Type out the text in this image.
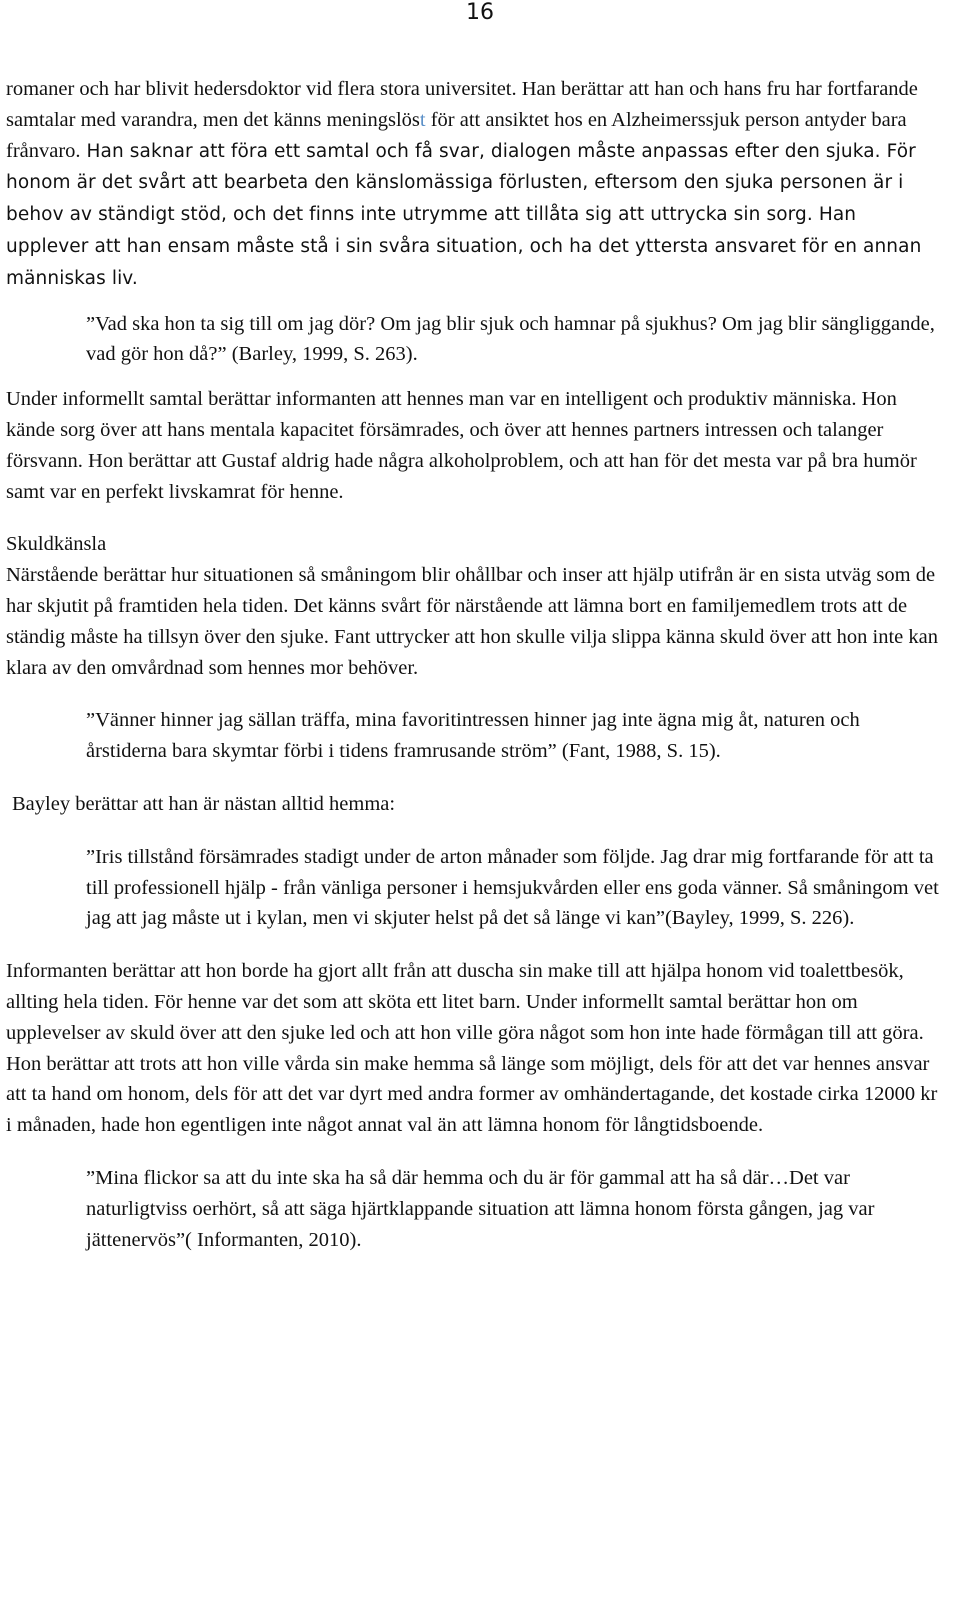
16

romaner och har blivit hedersdoktor vid flera stora universitet. Han berättar att han och hans fru har fortfarande samtalar med varandra, men det känns meningslöst för att ansiktet hos en Alzheimerssjuk person antyder bara frånvaro. Han saknar att föra ett samtal och få svar, dialogen måste anpassas efter den sjuka. För honom är det svårt att bearbeta den känslomässiga förlusten, eftersom den sjuka personen är i behov av ständigt stöd, och det finns inte utrymme att tillåta sig att uttrycka sin sorg. Han upplever att han ensam måste stå i sin svåra situation, och ha det yttersta ansvaret för en annan människas liv.

”Vad ska hon ta sig till om jag dör? Om jag blir sjuk och hamnar på sjukhus? Om jag blir sängliggande, vad gör hon då?” (Barley, 1999, S. 263).

Under informellt samtal berättar informanten att hennes man var en intelligent och produktiv människa. Hon kände sorg över att hans mentala kapacitet försämrades, och över att hennes partners intressen och talanger försvann. Hon berättar att Gustaf aldrig hade några alkoholproblem, och att han för det mesta var på bra humör samt var en perfekt livskamrat för henne.

Skuldkänsla

Närstående berättar hur situationen så småningom blir ohållbar och inser att hjälp utifrån är en sista utväg som de har skjutit på framtiden hela tiden. Det känns svårt för närstående att lämna bort en familjemedlem trots att de ständig måste ha tillsyn över den sjuke. Fant uttrycker att hon skulle vilja slippa känna skuld över att hon inte kan klara av den omvårdnad som hennes mor behöver.

”Vänner hinner jag sällan träffa, mina favoritintressen hinner jag inte ägna mig åt, naturen och årstiderna bara skymtar förbi i tidens framrusande ström” (Fant, 1988, S. 15).

Bayley berättar att han är nästan alltid hemma:

”Iris tillstånd försämrades stadigt under de arton månader som följde. Jag drar mig fortfarande för att ta till professionell hjälp - från vänliga personer i hemsjukvården eller ens goda vänner. Så småningom vet jag att jag måste ut i kylan, men vi skjuter helst på det så länge vi kan”(Bayley, 1999, S. 226).

Informanten berättar att hon borde ha gjort allt från att duscha sin make till att hjälpa honom vid toalettbesök, allting hela tiden. För henne var det som att sköta ett litet barn. Under informellt samtal berättar hon om upplevelser av skuld över att den sjuke led och att hon ville göra något som hon inte hade förmågan till att göra. Hon berättar att trots att hon ville vårda sin make hemma så länge som möjligt, dels för att det var hennes ansvar att ta hand om honom, dels för att det var dyrt med andra former av omhändertagande, det kostade cirka 12000 kr i månaden, hade hon egentligen inte något annat val än att lämna honom för långtidsboende.

”Mina flickor sa att du inte ska ha så där hemma och du är för gammal att ha så där…Det var naturligtviss oerhört, så att säga hjärtklappande situation att lämna honom första gången, jag var jättenervös”( Informanten, 2010).
